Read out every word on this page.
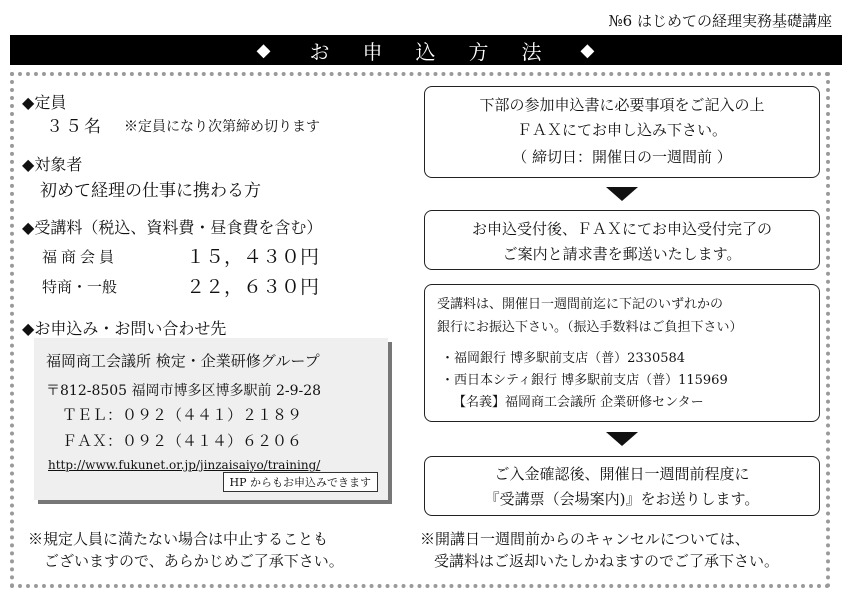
№6 はじめての経理実務基礎講座
◆ お 申 込 方 法 ◆
◆ 定員
３５名 ※定員になり次第締め切ります
◆ 対象者
初めて経理の仕事に携わる方
◆ 受講料（税込、資料費・昼食費を含む）
福商会員	１５，４３０円
特商・一般	２２，６３０円
◆ お申込み・お問い合わせ先
福岡商工会議所 検定・企業研修グループ
〒812-8505 福岡市博多区博多駅前 2-9-28
ＴＥＬ：０９２（４４１）２１８９
ＦＡＸ：０９２（４１４）６２０６
http://www.fukunet.or.jp/jinzaisaiyo/training/
HP からもお申込みできます
※規定人員に満たない場合は中止することも
ございますので、あらかじめご了承下さい。
下部の参加申込書に必要事項をご記入の上
ＦＡＸにてお申し込み下さい。
（ 締切日：開催日の一週間前 ）
お申込受付後、ＦＡＸにてお申込受付完了の
ご案内と請求書を郵送いたします。
受講料は、開催日一週間前迄に下記のいずれかの
銀行にお振込下さい。（振込手数料はご負担下さい）
・福岡銀行 博多駅前支店（普）2330584
・西日本シティ銀行 博多駅前支店（普）115969
【名義】福岡商工会議所 企業研修センター
ご入金確認後、開催日一週間前程度に
『受講票（会場案内)』をお送りします。
※開講日一週間前からのキャンセルについては、
受講料はご返却いたしかねますのでご了承下さい。
